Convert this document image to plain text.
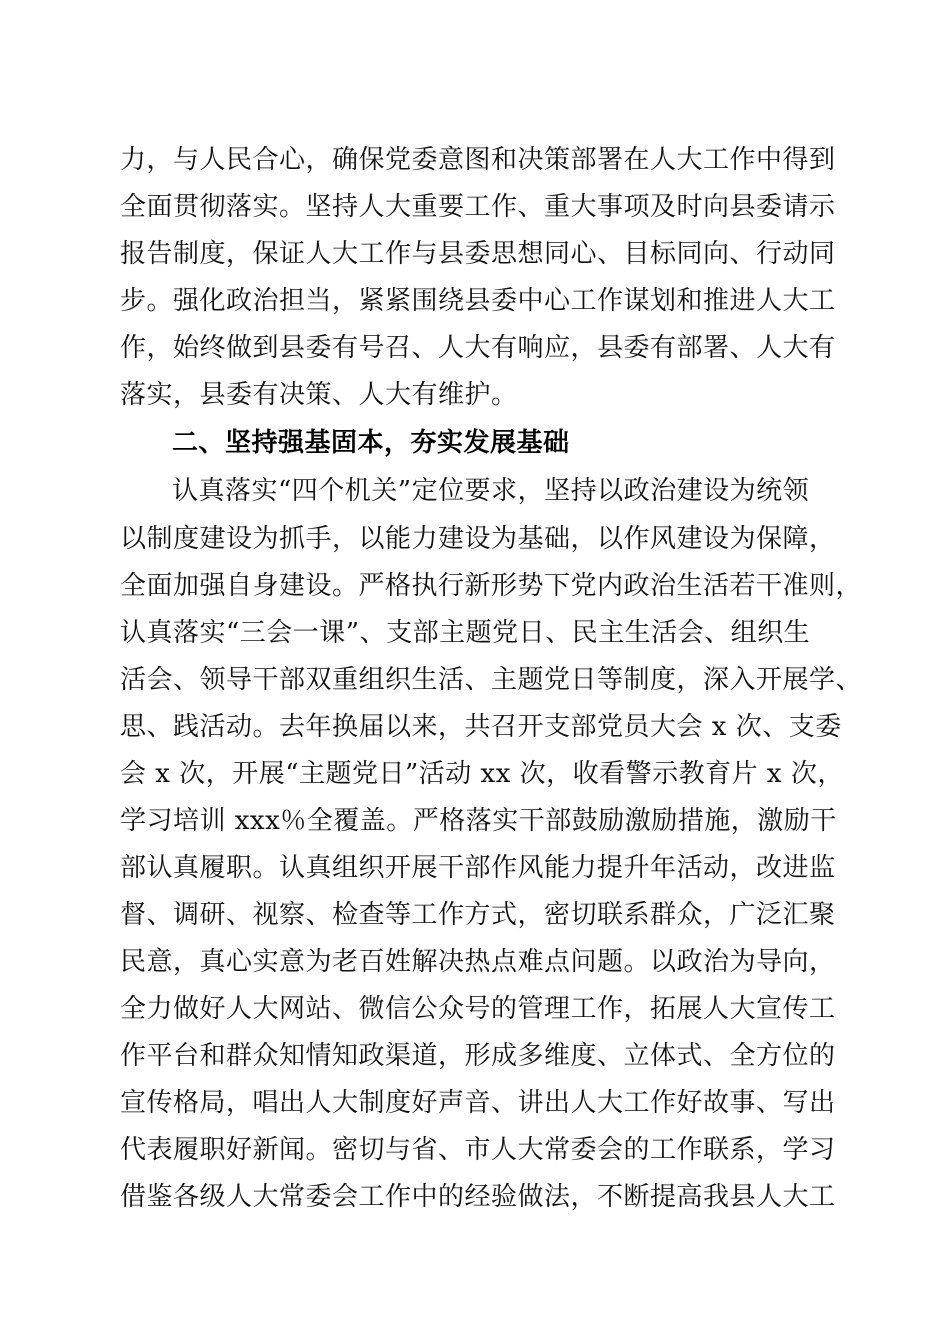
力，与人民合心，确保党委意图和决策部署在人大工作中得到
全面贯彻落实。坚持人大重要工作、重大事项及时向县委请示
报告制度，保证人大工作与县委思想同心、目标同向、行动同
步。强化政治担当，紧紧围绕县委中心工作谋划和推进人大工
作，始终做到县委有号召、人大有响应，县委有部署、人大有
落实，县委有决策、人大有维护。
二、坚持强基固本，夯实发展基础
认真落实“四个机关”定位要求，坚持以政治建设为统领
以制度建设为抓手，以能力建设为基础，以作风建设为保障，
全面加强自身建设。严格执行新形势下党内政治生活若干准则，
认真落实“三会一课”、支部主题党日、民主生活会、组织生
活会、领导干部双重组织生活、主题党日等制度，深入开展学、
思、践活动。去年换届以来，共召开支部党员大会 x 次、支委
会 x 次，开展“主题党日”活动 xx 次，收看警示教育片 x 次，
学习培训 xxx％全覆盖。严格落实干部鼓励激励措施，激励干
部认真履职。认真组织开展干部作风能力提升年活动，改进监
督、调研、视察、检查等工作方式，密切联系群众，广泛汇聚
民意，真心实意为老百姓解决热点难点问题。以政治为导向，
全力做好人大网站、微信公众号的管理工作，拓展人大宣传工
作平台和群众知情知政渠道，形成多维度、立体式、全方位的
宣传格局，唱出人大制度好声音、讲出人大工作好故事、写出
代表履职好新闻。密切与省、市人大常委会的工作联系，学习
借鉴各级人大常委会工作中的经验做法，不断提高我县人大工
